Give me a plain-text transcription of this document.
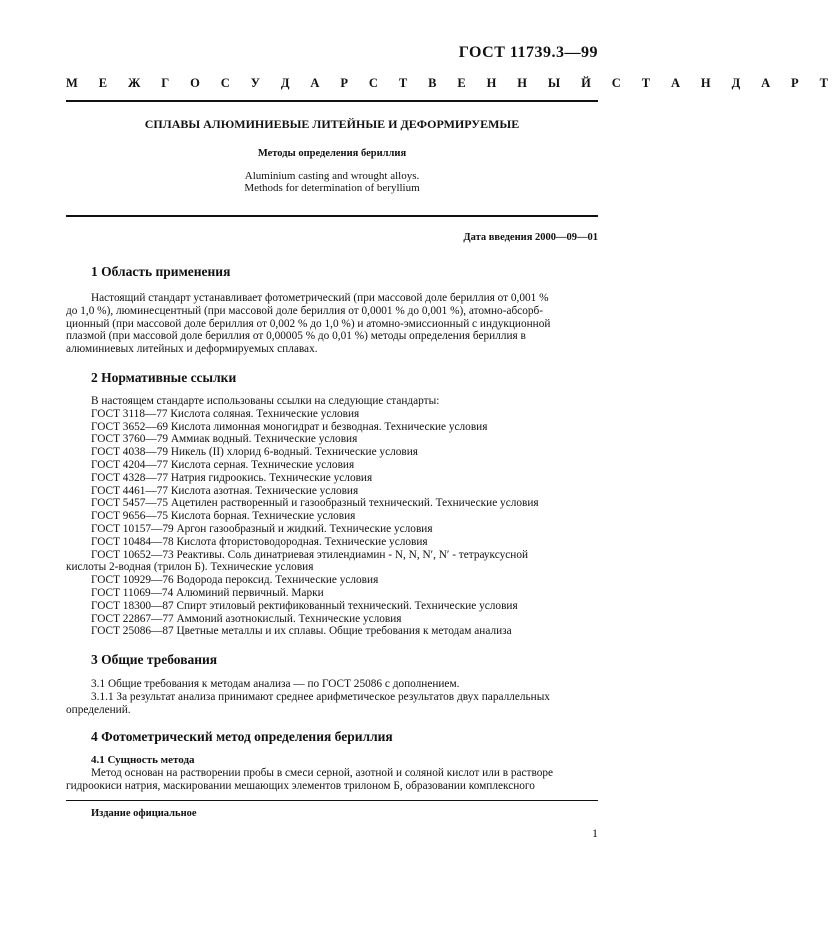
ГОСТ 11739.3—99
М Е Ж Г О С У Д А Р С Т В Е Н Н Ы Й С Т А Н Д А Р Т
СПЛАВЫ АЛЮМИНИЕВЫЕ ЛИТЕЙНЫЕ И ДЕФОРМИРУЕМЫЕ
Методы определения бериллия
Aluminium casting and wrought alloys.
Methods for determination of beryllium
Дата введения 2000—09—01
1 Область применения
Настоящий стандарт устанавливает фотометрический (при массовой доле бериллия от 0,001 %
до 1,0 %), люминесцентный (при массовой доле бериллия от 0,0001 % до 0,001 %), атомно-абсорб-
ционный (при массовой доле бериллия от 0,002 % до 1,0 %) и атомно-эмиссионный с индукционной
плазмой (при массовой доле бериллия от 0,00005 % до 0,01 %) методы определения бериллия в
алюминиевых литейных и деформируемых сплавах.
2 Нормативные ссылки
В настоящем стандарте использованы ссылки на следующие стандарты:
ГОСТ 3118—77 Кислота соляная. Технические условия
ГОСТ 3652—69 Кислота лимонная моногидрат и безводная. Технические условия
ГОСТ 3760—79 Аммиак водный. Технические условия
ГОСТ 4038—79 Никель (II) хлорид 6-водный. Технические условия
ГОСТ 4204—77 Кислота серная. Технические условия
ГОСТ 4328—77 Натрия гидроокись. Технические условия
ГОСТ 4461—77 Кислота азотная. Технические условия
ГОСТ 5457—75 Ацетилен растворенный и газообразный технический. Технические условия
ГОСТ 9656—75 Кислота борная. Технические условия
ГОСТ 10157—79 Аргон газообразный и жидкий. Технические условия
ГОСТ 10484—78 Кислота фтористоводородная. Технические условия
ГОСТ 10652—73 Реактивы. Соль динатриевая этилендиамин - N, N, N′, N′ - тетрауксусной
кислоты 2-водная (трилон Б). Технические условия
ГОСТ 10929—76 Водорода пероксид. Технические условия
ГОСТ 11069—74 Алюминий первичный. Марки
ГОСТ 18300—87 Спирт этиловый ректификованный технический. Технические условия
ГОСТ 22867—77 Аммоний азотнокислый. Технические условия
ГОСТ 25086—87 Цветные металлы и их сплавы. Общие требования к методам анализа
3 Общие требования
3.1 Общие требования к методам анализа — по ГОСТ 25086 с дополнением.
3.1.1 За результат анализа принимают среднее арифметическое результатов двух параллельных
определений.
4 Фотометрический метод определения бериллия
4.1 Сущность метода
Метод основан на растворении пробы в смеси серной, азотной и соляной кислот или в растворе
гидроокиси натрия, маскировании мешающих элементов трилоном Б, образовании комплексного
Издание официальное
1
